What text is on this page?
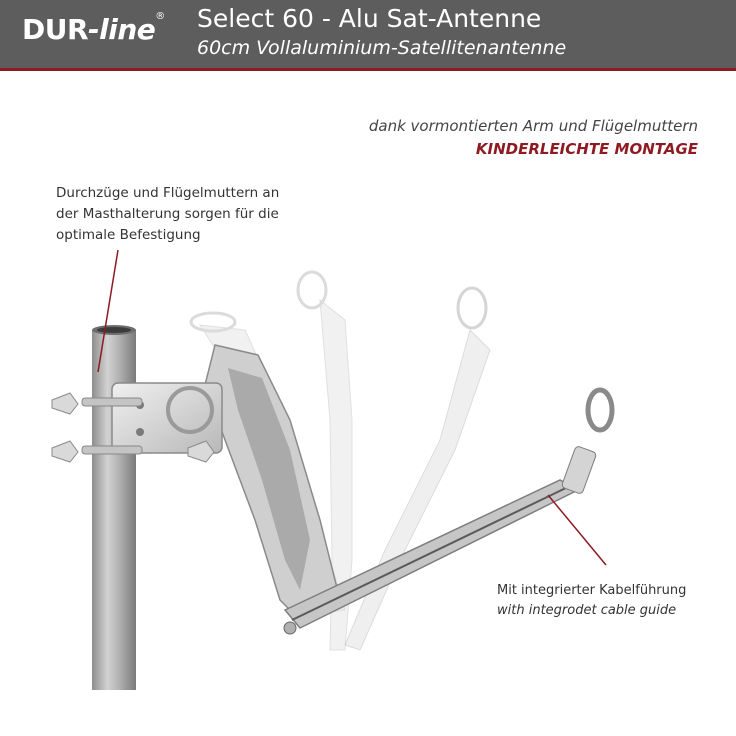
DUR-line® Select 60 - Alu Sat-Antenne
60cm Vollaluminium-Satellitenantenne
dank vormontierten Arm und Flügelmuttern
KINDERLEICHTE MONTAGE
Durchzüge und Flügelmuttern an
der Masthalterung sorgen für die
optimale Befestigung
Mit integrierter Kabelführung
with integrodet cable guide
